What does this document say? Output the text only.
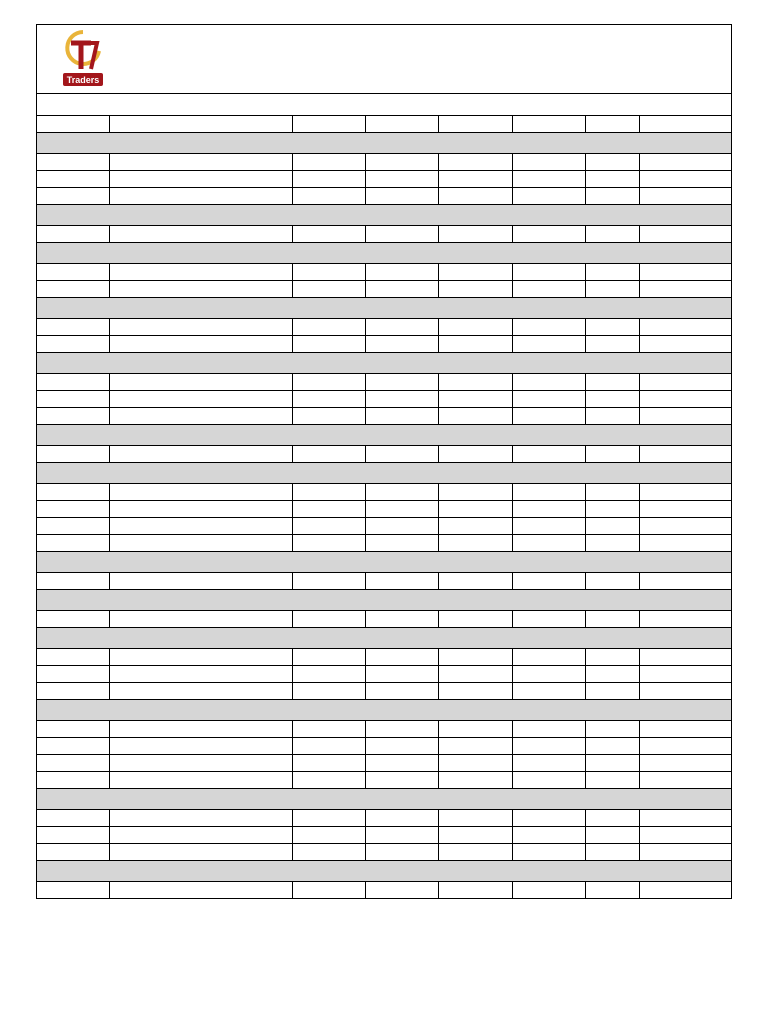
Traders
